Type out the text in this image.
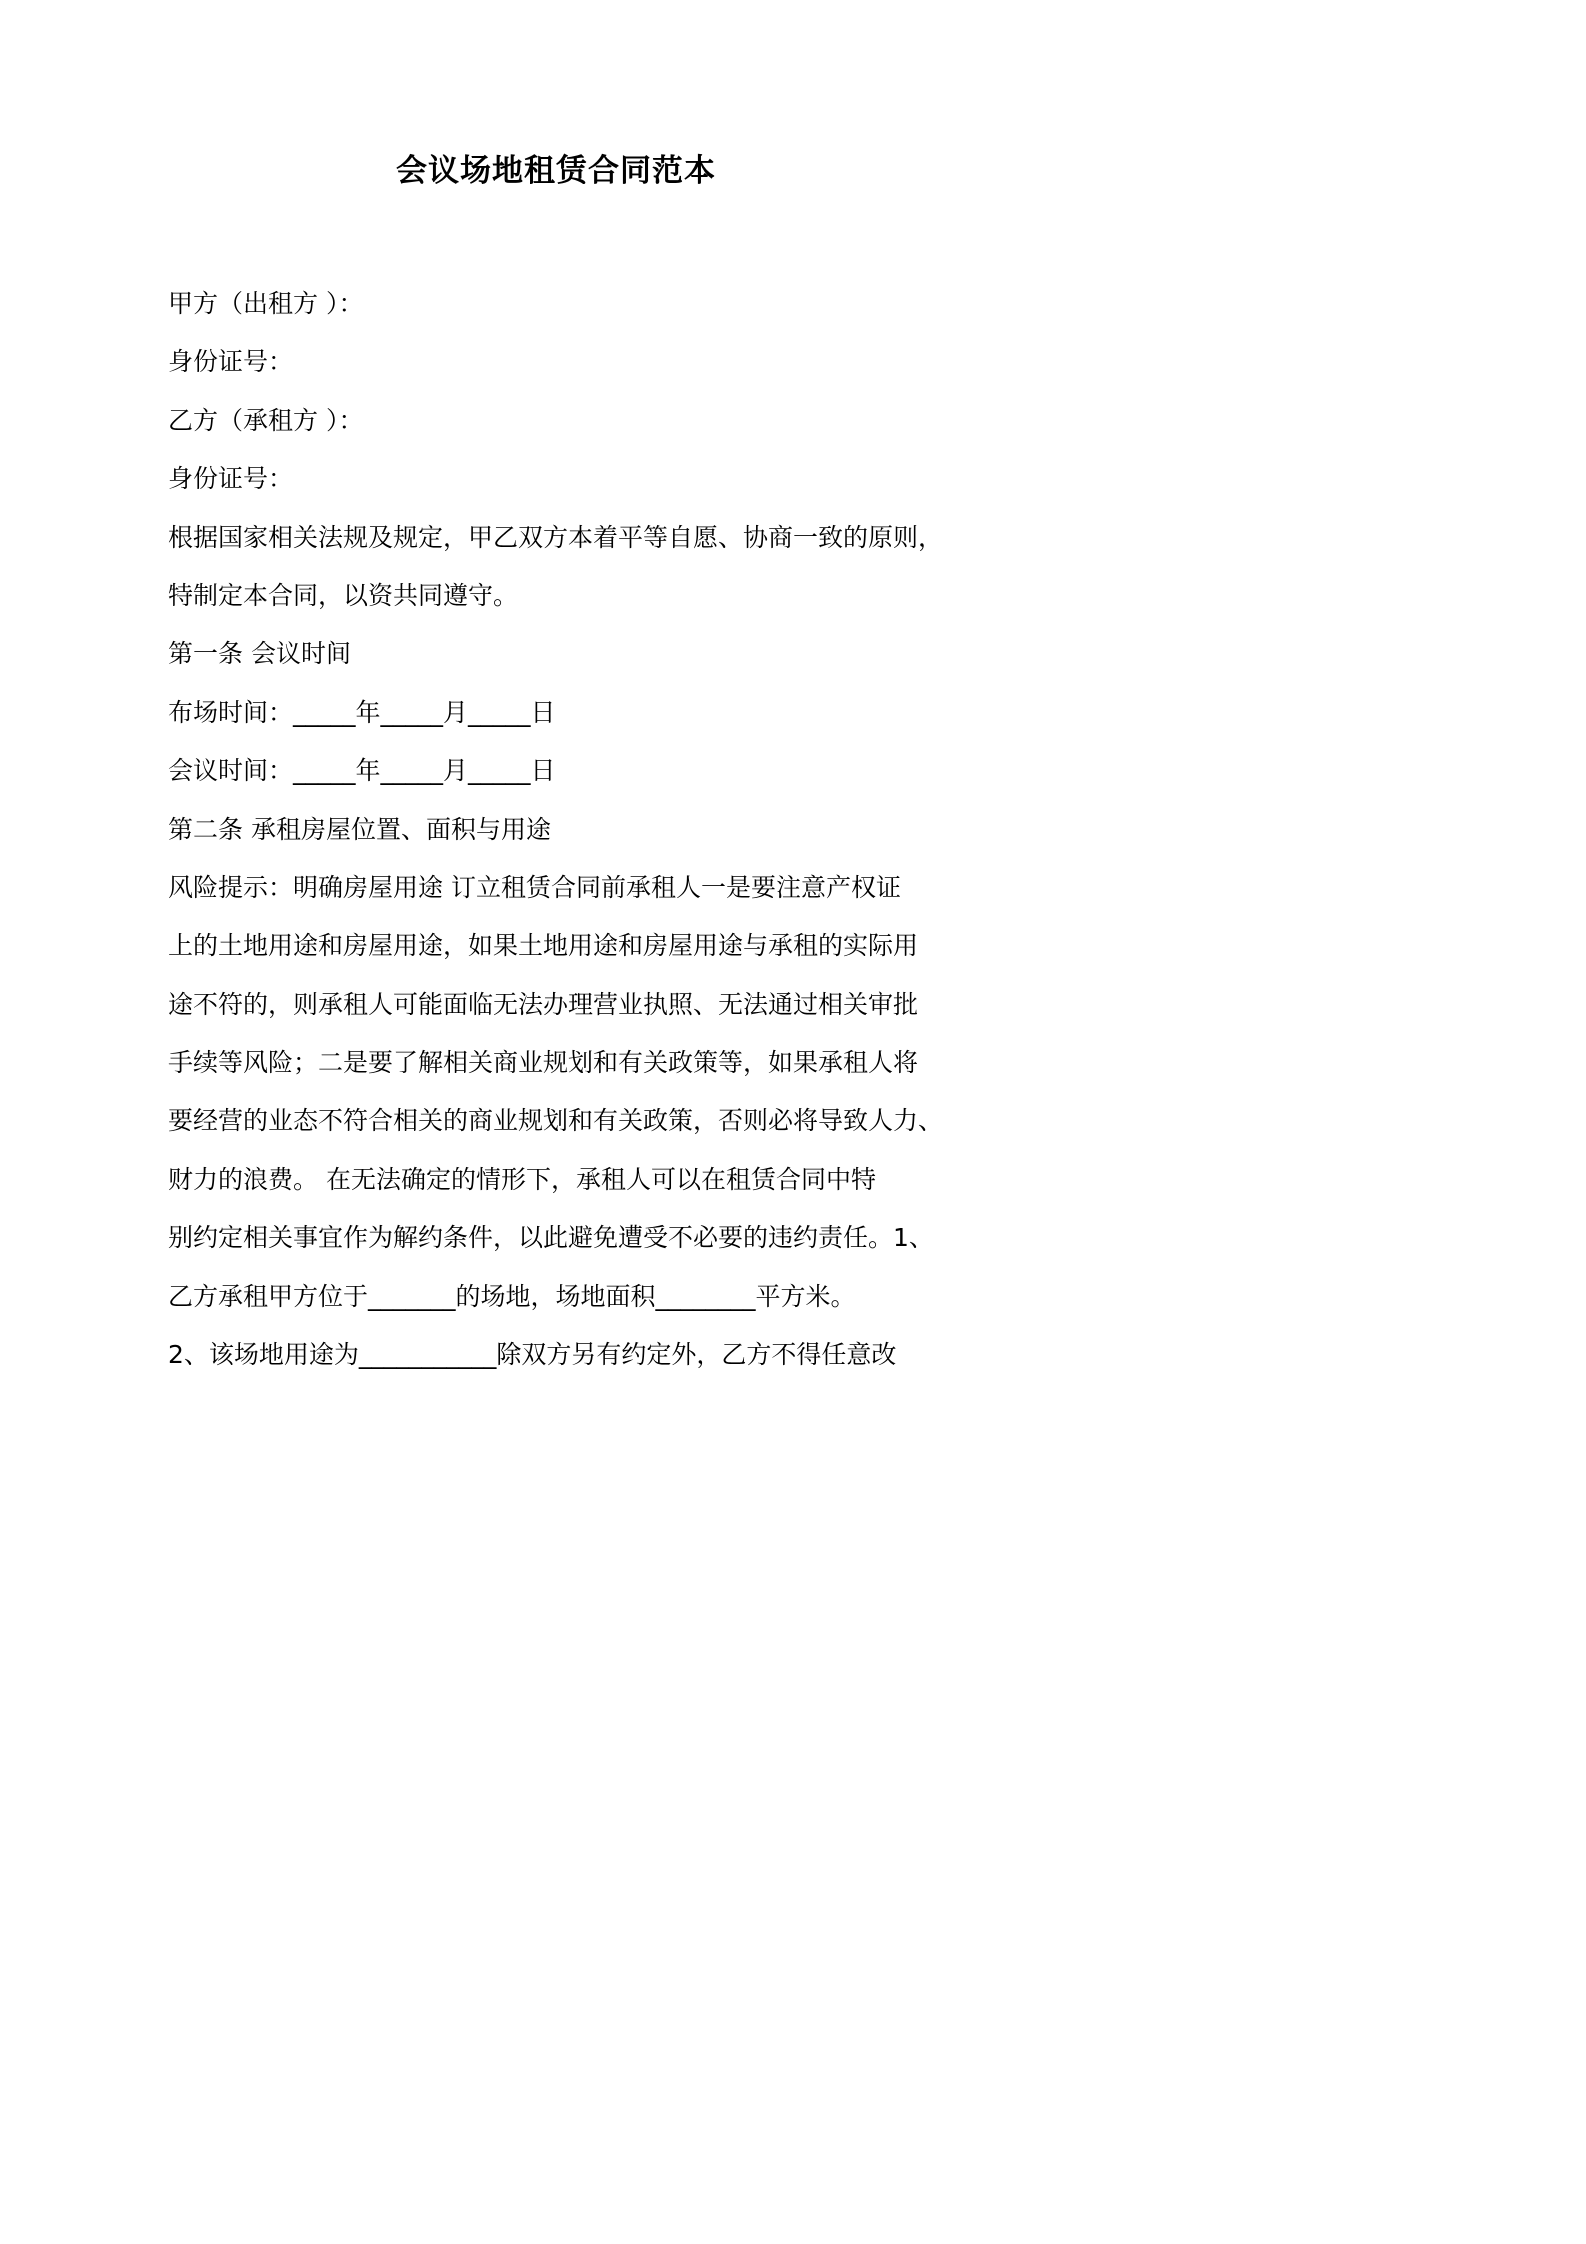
会议场地租赁合同范本
甲方（出租方 ）：
身份证号：
乙方（承租方 ）：
身份证号：
根据国家相关法规及规定，甲乙双方本着平等自愿、协商一致的原则，
特制定本合同，以资共同遵守。
第一条 会议时间
布场时间：_____年_____月_____日
会议时间：_____年_____月_____日
第二条 承租房屋位置、面积与用途
风险提示：明确房屋用途 订立租赁合同前承租人一是要注意产权证
上的土地用途和房屋用途，如果土地用途和房屋用途与承租的实际用
途不符的，则承租人可能面临无法办理营业执照、无法通过相关审批
手续等风险；二是要了解相关商业规划和有关政策等，如果承租人将
要经营的业态不符合相关的商业规划和有关政策，否则必将导致人力、
财力的浪费。 在无法确定的情形下，承租人可以在租赁合同中特
别约定相关事宜作为解约条件，以此避免遭受不必要的违约责任。1、
乙方承租甲方位于_______的场地，场地面积________平方米。
2、该场地用途为___________除双方另有约定外，乙方不得任意改
